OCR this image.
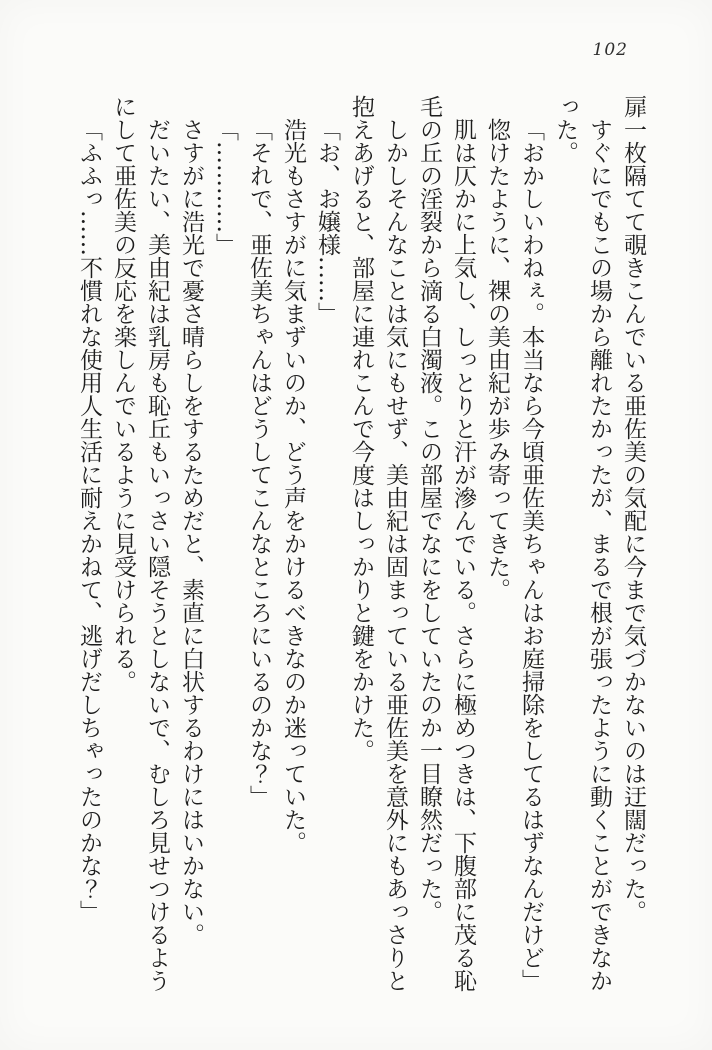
102

扉一枚隔てて覗きこんでいる亜佐美の気配に今まで気づかないのは迂闊だった。

すぐにでもこの場から離れたかったが、まるで根が張ったように動くことができなかった。

「おかしいわねぇ。本当なら今頃亜佐美ちゃんはお庭掃除をしてるはずなんだけど」

惚けたように、裸の美由紀が歩み寄ってきた。

肌は仄かに上気し、しっとりと汗が滲んでいる。さらに極めつきは、下腹部に茂る恥毛の丘の淫裂から滴る白濁液。この部屋でなにをしていたのか一目瞭然だった。

しかしそんなことは気にもせず、美由紀は固まっている亜佐美を意外にもあっさりと抱えあげると、部屋に連れこんで今度はしっかりと鍵をかけた。

「お、お嬢様……」

浩光もさすがに気まずいのか、どう声をかけるべきなのか迷っていた。

「それで、亜佐美ちゃんはどうしてこんなところにいるのかな？」

「…………」

さすがに浩光で憂さ晴らしをするためだと、素直に白状するわけにはいかない。

だいたい、美由紀は乳房も恥丘もいっさい隠そうとしないで、むしろ見せつけるようにして亜佐美の反応を楽しんでいるように見受けられる。

「ふふっ……不慣れな使用人生活に耐えかねて、逃げだしちゃったのかな？」
